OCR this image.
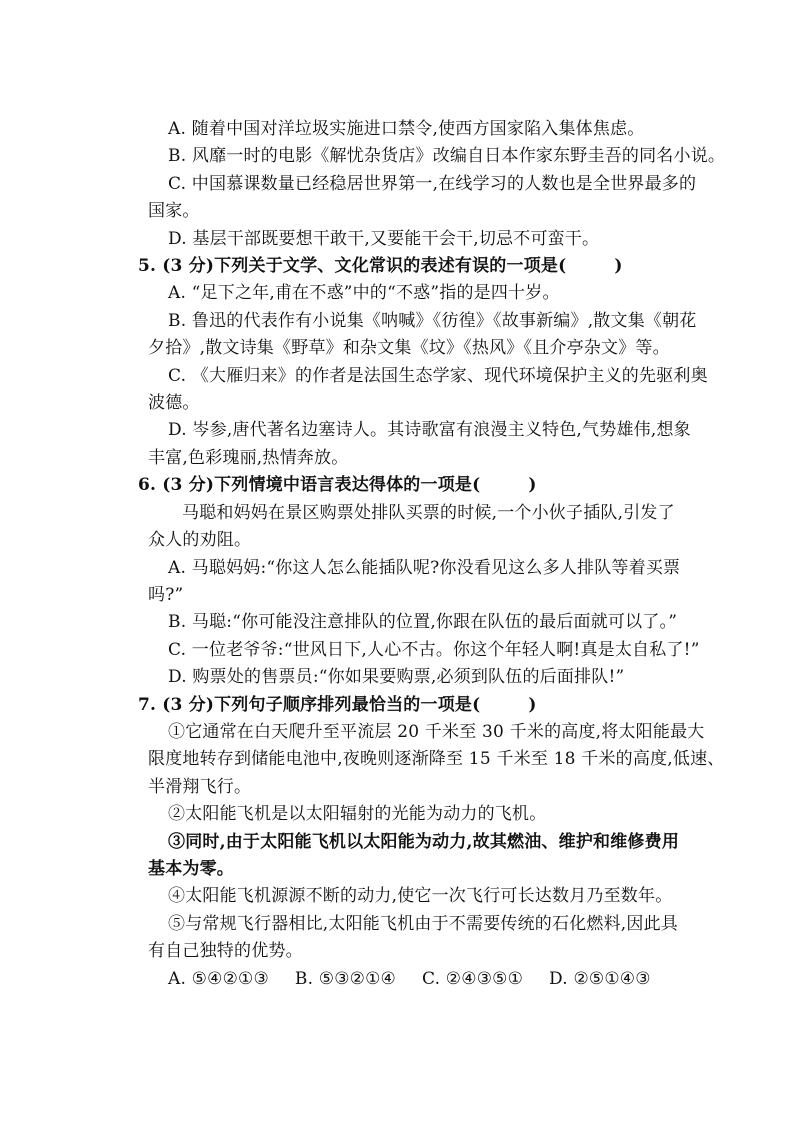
A. 随着中国对洋垃圾实施进口禁令,使西方国家陷入集体焦虑。
B. 风靡一时的电影《解忧杂货店》改编自日本作家东野圭吾的同名小说。
C. 中国慕课数量已经稳居世界第一,在线学习的人数也是全世界最多的
国家。
D. 基层干部既要想干敢干,又要能干会干,切忌不可蛮干。
5. (3 分)下列关于文学、文化常识的表述有误的一项是(	)
A. “足下之年,甫在不惑”中的“不惑”指的是四十岁。
B. 鲁迅的代表作有小说集《呐喊》《彷徨》《故事新编》,散文集《朝花
夕拾》,散文诗集《野草》和杂文集《坟》《热风》《且介亭杂文》等。
C. 《大雁归来》的作者是法国生态学家、现代环境保护主义的先驱利奥
波德。
D. 岑参,唐代著名边塞诗人。其诗歌富有浪漫主义特色,气势雄伟,想象
丰富,色彩瑰丽,热情奔放。
6. (3 分)下列情境中语言表达得体的一项是(	)
马聪和妈妈在景区购票处排队买票的时候,一个小伙子插队,引发了
众人的劝阻。
A. 马聪妈妈:“你这人怎么能插队呢?你没看见这么多人排队等着买票
吗?”
B. 马聪:“你可能没注意排队的位置,你跟在队伍的最后面就可以了。”
C. 一位老爷爷:“世风日下,人心不古。你这个年轻人啊!真是太自私了!”
D. 购票处的售票员:“你如果要购票,必须到队伍的后面排队!”
7. (3 分)下列句子顺序排列最恰当的一项是(	)
①它通常在白天爬升至平流层 20 千米至 30 千米的高度,将太阳能最大
限度地转存到储能电池中,夜晚则逐渐降至 15 千米至 18 千米的高度,低速、
半滑翔飞行。
②太阳能飞机是以太阳辐射的光能为动力的飞机。
③同时,由于太阳能飞机以太阳能为动力,故其燃油、维护和维修费用
基本为零。
④太阳能飞机源源不断的动力,使它一次飞行可长达数月乃至数年。
⑤与常规飞行器相比,太阳能飞机由于不需要传统的石化燃料,因此具
有自己独特的优势。
A. ⑤④②①③ B. ⑤③②①④ C. ②④③⑤① D. ②⑤①④③
